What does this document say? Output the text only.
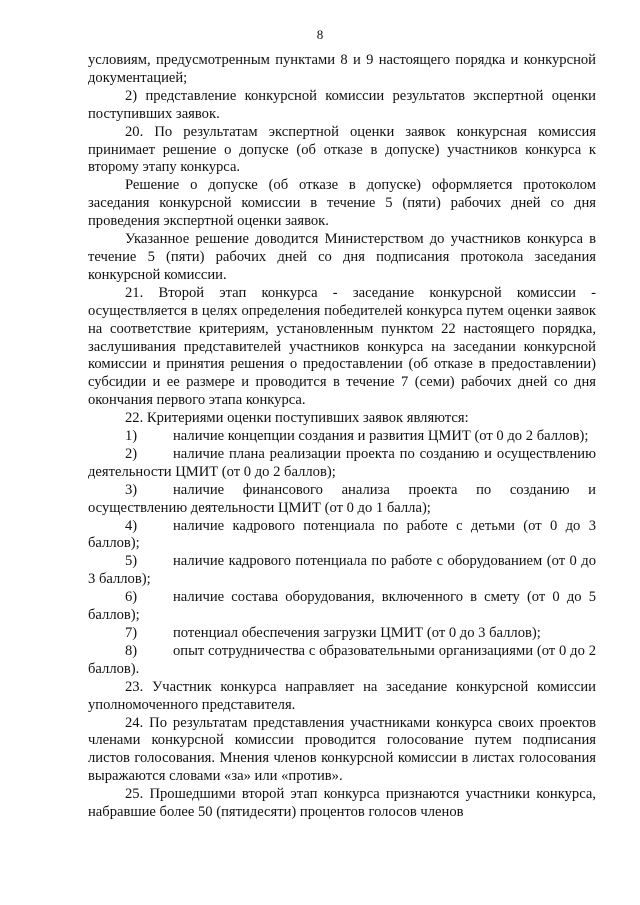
8

условиям, предусмотренным пунктами 8 и 9 настоящего порядка и конкурсной документацией;

2) представление конкурсной комиссии результатов экспертной оценки поступивших заявок.

20. По результатам экспертной оценки заявок конкурсная комиссия принимает решение о допуске (об отказе в допуске) участников конкурса к второму этапу конкурса.

Решение о допуске (об отказе в допуске) оформляется протоколом заседания конкурсной комиссии в течение 5 (пяти) рабочих дней со дня проведения экспертной оценки заявок.

Указанное решение доводится Министерством до участников конкурса в течение 5 (пяти) рабочих дней со дня подписания протокола заседания конкурсной комиссии.

21. Второй этап конкурса - заседание конкурсной комиссии - осуществляется в целях определения победителей конкурса путем оценки заявок на соответствие критериям, установленным пунктом 22 настоящего порядка, заслушивания представителей участников конкурса на заседании конкурсной комиссии и принятия решения о предоставлении (об отказе в предоставлении) субсидии и ее размере и проводится в течение 7 (семи) рабочих дней со дня окончания первого этапа конкурса.

22. Критериями оценки поступивших заявок являются:

1) наличие концепции создания и развития ЦМИТ (от 0 до 2 баллов);

2) наличие плана реализации проекта по созданию и осуществлению деятельности ЦМИТ (от 0 до 2 баллов);

3) наличие финансового анализа проекта по созданию и осуществлению деятельности ЦМИТ (от 0 до 1 балла);

4) наличие кадрового потенциала по работе с детьми (от 0 до 3 баллов);

5) наличие кадрового потенциала по работе с оборудованием (от 0 до 3 баллов);

6) наличие состава оборудования, включенного в смету (от 0 до 5 баллов);

7) потенциал обеспечения загрузки ЦМИТ (от 0 до 3 баллов);

8) опыт сотрудничества с образовательными организациями (от 0 до 2 баллов).

23. Участник конкурса направляет на заседание конкурсной комиссии уполномоченного представителя.

24. По результатам представления участниками конкурса своих проектов членами конкурсной комиссии проводится голосование путем подписания листов голосования. Мнения членов конкурсной комиссии в листах голосования выражаются словами «за» или «против».

25. Прошедшими второй этап конкурса признаются участники конкурса, набравшие более 50 (пятидесяти) процентов голосов членов
